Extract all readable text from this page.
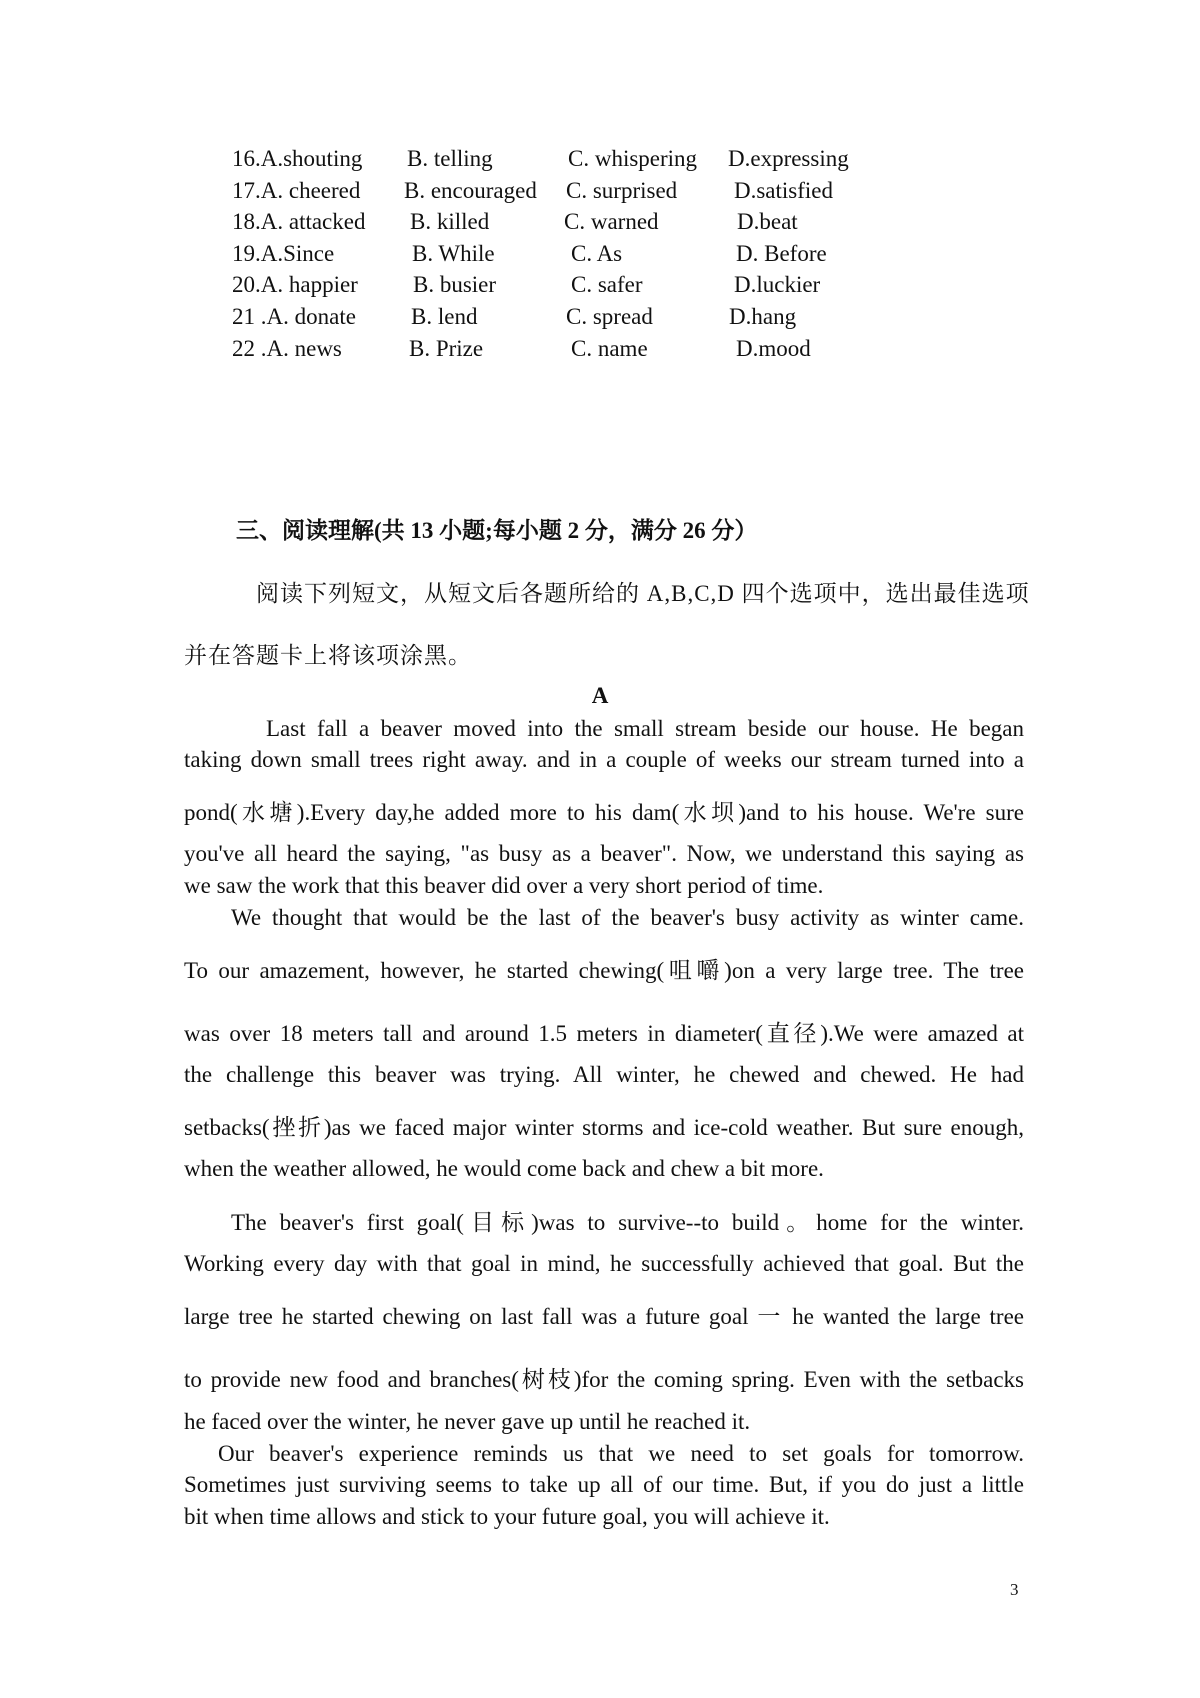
16.A.shouting B. telling	C. whispering D.expressing
17.A. cheered B. encouraged C. surprised D.satisfied
18.A. attacked B. killed	C. warned	D.beat
19.A.Since	B. While	C. As	D. Before
20.A. happier B. busier	C. safer	D.luckier
21 .A. donate B. lend	C. spread	D.hang
22 .A. news	B. Prize	C. name	D.mood
三、阅读理解(共 13 小题;每小题 2 分，满分 26 分）
阅读下列短文，从短文后各题所给的 A,B,C,D 四个选项中，选出最佳选项
并在答题卡上将该项涂黑。
A
Last fall a beaver moved into the small stream beside our house. He began
taking down small trees right away. and in a couple of weeks our stream turned into a
pond(水塘).Every day,he added more to his dam(水坝)and to his house. We're sure
you've all heard the saying, "as busy as a beaver". Now, we understand this saying as
we saw the work that this beaver did over a very short period of time.
We thought that would be the last of the beaver's busy activity as winter came.
To our amazement, however, he started chewing(咀嚼)on a very large tree. The tree
was over 18 meters tall and around 1.5 meters in diameter(直径).We were amazed at
the challenge this beaver was trying. All winter, he chewed and chewed. He had
setbacks(挫折)as we faced major winter storms and ice-cold weather. But sure enough,
when the weather allowed, he would come back and chew a bit more.
The beaver's first goal(目标)was to survive--to build。home for the winter.
Working every day with that goal in mind, he successfully achieved that goal. But the
large tree he started chewing on last fall was a future goal 一 he wanted the large tree
to provide new food and branches(树枝)for the coming spring. Even with the setbacks
he faced over the winter, he never gave up until he reached it.
Our beaver's experience reminds us that we need to set goals for tomorrow.
Sometimes just surviving seems to take up all of our time. But, if you do just a little
bit when time allows and stick to your future goal, you will achieve it.
3
